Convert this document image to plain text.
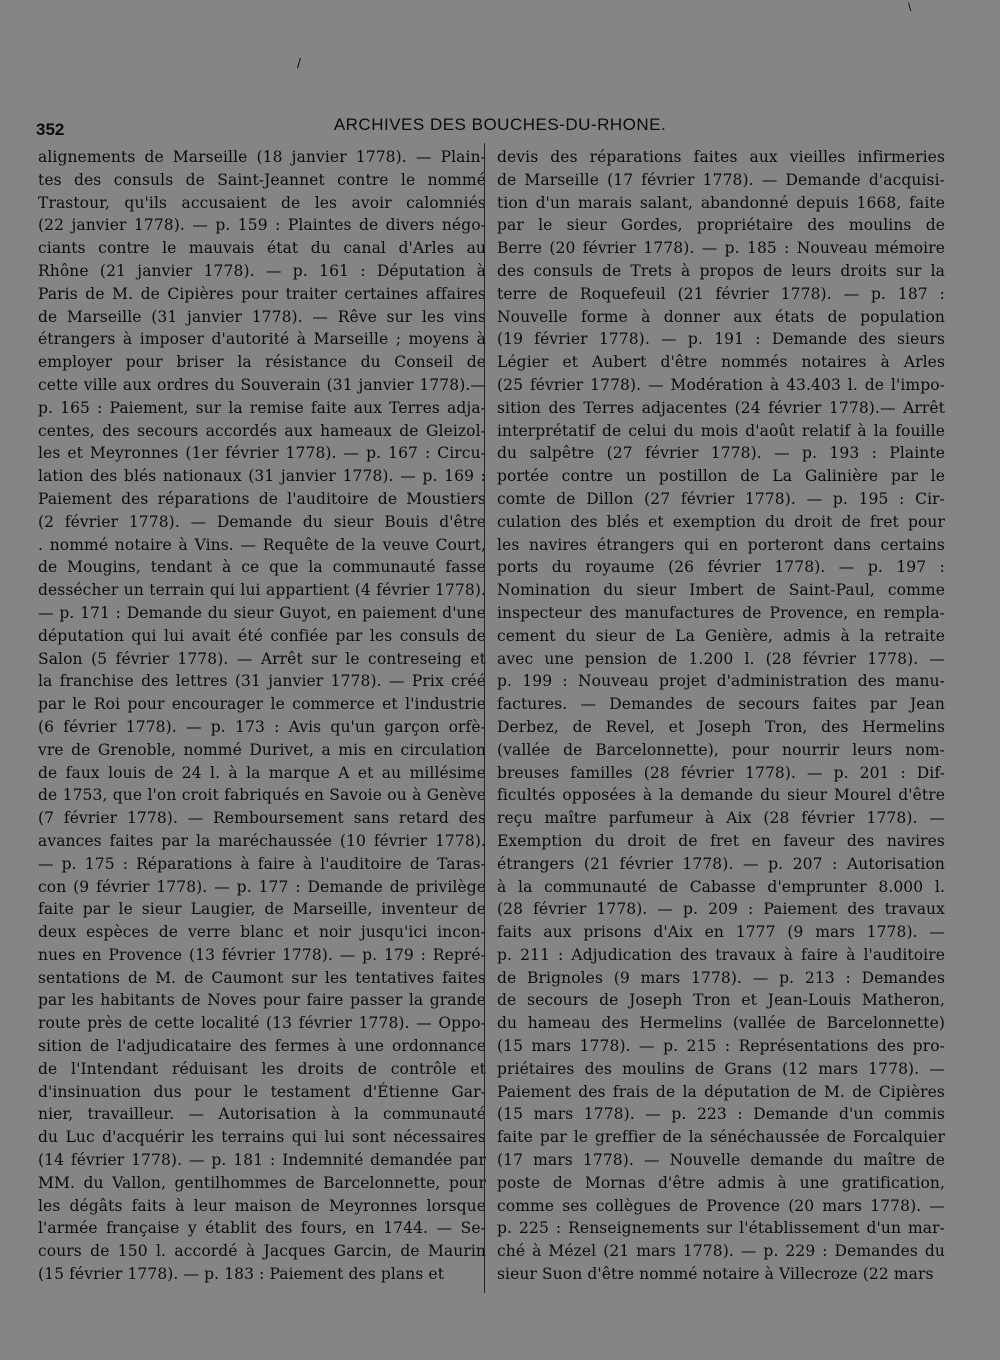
/
\
352	ARCHIVES DES BOUCHES-DU-RHONE.
alignements de Marseille (18 janvier 1778). — Plain-
tes des consuls de Saint-Jeannet contre le nommé
Trastour, qu'ils accusaient de les avoir calomniés
(22 janvier 1778). — p. 159 : Plaintes de divers négo-
ciants contre le mauvais état du canal d'Arles au
Rhône (21 janvier 1778). — p. 161 : Députation à
Paris de M. de Cipières pour traiter certaines affaires
de Marseille (31 janvier 1778). — Rêve sur les vins
étrangers à imposer d'autorité à Marseille ; moyens à
employer pour briser la résistance du Conseil de
cette ville aux ordres du Souverain (31 janvier 1778).—
p. 165 : Paiement, sur la remise faite aux Terres adja-
centes, des secours accordés aux hameaux de Gleizol-
les et Meyronnes (1er février 1778). — p. 167 : Circu-
lation des blés nationaux (31 janvier 1778). — p. 169 :
Paiement des réparations de l'auditoire de Moustiers
(2 février 1778). — Demande du sieur Bouis d'être
. nommé notaire à Vins. — Requête de la veuve Court,
de Mougins, tendant à ce que la communauté fasse
dessécher un terrain qui lui appartient (4 février 1778).
— p. 171 : Demande du sieur Guyot, en paiement d'une
députation qui lui avait été confiée par les consuls de
Salon (5 février 1778). — Arrêt sur le contreseing et
la franchise des lettres (31 janvier 1778). — Prix créé
par le Roi pour encourager le commerce et l'industrie
(6 février 1778). — p. 173 : Avis qu'un garçon orfè-
vre de Grenoble, nommé Durivet, a mis en circulation
de faux louis de 24 l. à la marque A et au millésime
de 1753, que l'on croit fabriqués en Savoie ou à Genève
(7 février 1778). — Remboursement sans retard des
avances faites par la maréchaussée (10 février 1778).
— p. 175 : Réparations à faire à l'auditoire de Taras-
con (9 février 1778). — p. 177 : Demande de privilège
faite par le sieur Laugier, de Marseille, inventeur de
deux espèces de verre blanc et noir jusqu'ici incon-
nues en Provence (13 février 1778). — p. 179 : Repré-
sentations de M. de Caumont sur les tentatives faites
par les habitants de Noves pour faire passer la grande
route près de cette localité (13 février 1778). — Oppo-
sition de l'adjudicataire des fermes à une ordonnance
de l'Intendant réduisant les droits de contrôle et
d'insinuation dus pour le testament d'Étienne Gar-
nier, travailleur. — Autorisation à la communauté
du Luc d'acquérir les terrains qui lui sont nécessaires
(14 février 1778). — p. 181 : Indemnité demandée par
MM. du Vallon, gentilhommes de Barcelonnette, pour
les dégâts faits à leur maison de Meyronnes lorsque
l'armée française y établit des fours, en 1744. — Se-
cours de 150 l. accordé à Jacques Garcin, de Maurin
(15 février 1778). — p. 183 : Paiement des plans et
devis des réparations faites aux vieilles infirmeries
de Marseille (17 février 1778). — Demande d'acquisi-
tion d'un marais salant, abandonné depuis 1668, faite
par le sieur Gordes, propriétaire des moulins de
Berre (20 février 1778). — p. 185 : Nouveau mémoire
des consuls de Trets à propos de leurs droits sur la
terre de Roquefeuil (21 février 1778). — p. 187 :
Nouvelle forme à donner aux états de population
(19 février 1778). — p. 191 : Demande des sieurs
Légier et Aubert d'être nommés notaires à Arles
(25 février 1778). — Modération à 43.403 l. de l'impo-
sition des Terres adjacentes (24 février 1778).— Arrêt
interprétatif de celui du mois d'août relatif à la fouille
du salpêtre (27 février 1778). — p. 193 : Plainte
portée contre un postillon de La Galinière par le
comte de Dillon (27 février 1778). — p. 195 : Cir-
culation des blés et exemption du droit de fret pour
les navires étrangers qui en porteront dans certains
ports du royaume (26 février 1778). — p. 197 :
Nomination du sieur Imbert de Saint-Paul, comme
inspecteur des manufactures de Provence, en rempla-
cement du sieur de La Genière, admis à la retraite
avec une pension de 1.200 l. (28 février 1778). —
p. 199 : Nouveau projet d'administration des manu-
factures. — Demandes de secours faites par Jean
Derbez, de Revel, et Joseph Tron, des Hermelins
(vallée de Barcelonnette), pour nourrir leurs nom-
breuses familles (28 février 1778). — p. 201 : Dif-
ficultés opposées à la demande du sieur Mourel d'être
reçu maître parfumeur à Aix (28 février 1778). —
Exemption du droit de fret en faveur des navires
étrangers (21 février 1778). — p. 207 : Autorisation
à la communauté de Cabasse d'emprunter 8.000 l.
(28 février 1778). — p. 209 : Paiement des travaux
faits aux prisons d'Aix en 1777 (9 mars 1778). —
p. 211 : Adjudication des travaux à faire à l'auditoire
de Brignoles (9 mars 1778). — p. 213 : Demandes
de secours de Joseph Tron et Jean-Louis Matheron,
du hameau des Hermelins (vallée de Barcelonnette)
(15 mars 1778). — p. 215 : Représentations des pro-
priétaires des moulins de Grans (12 mars 1778). —
Paiement des frais de la députation de M. de Cipières
(15 mars 1778). — p. 223 : Demande d'un commis
faite par le greffier de la sénéchaussée de Forcalquier
(17 mars 1778). — Nouvelle demande du maître de
poste de Mornas d'être admis à une gratification,
comme ses collègues de Provence (20 mars 1778). —
p. 225 : Renseignements sur l'établissement d'un mar-
ché à Mézel (21 mars 1778). — p. 229 : Demandes du
sieur Suon d'être nommé notaire à Villecroze (22 mars
